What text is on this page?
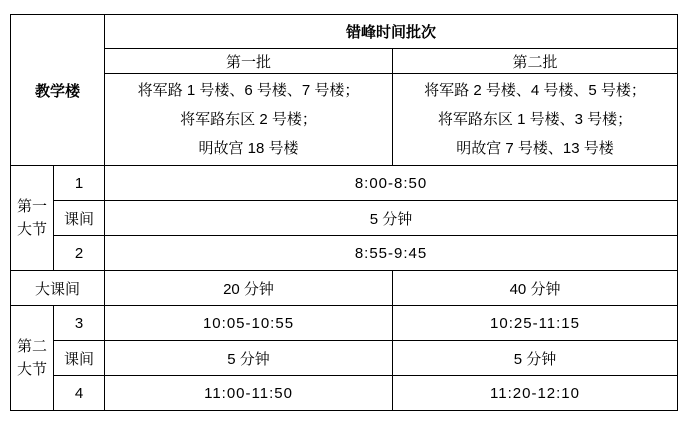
教学楼		错峰时间批次	
		第一批	第二批

将军路 1 号楼、6 号楼、7 号楼；
将军路东区 2 号楼；
明故宫 18 号楼

将军路 2 号楼、4 号楼、5 号楼；
将军路东区 1 号楼、3 号楼；
明故宫 7 号楼、13 号楼

第一大节	1	8:00-8:50	
	课间	5 分钟	
	2	8:55-9:45	
大课间		20 分钟	40 分钟
第二大节	3	10:05-10:55	10:25-11:15
	课间	5 分钟	5 分钟
	4	11:00-11:50	11:20-12:10
